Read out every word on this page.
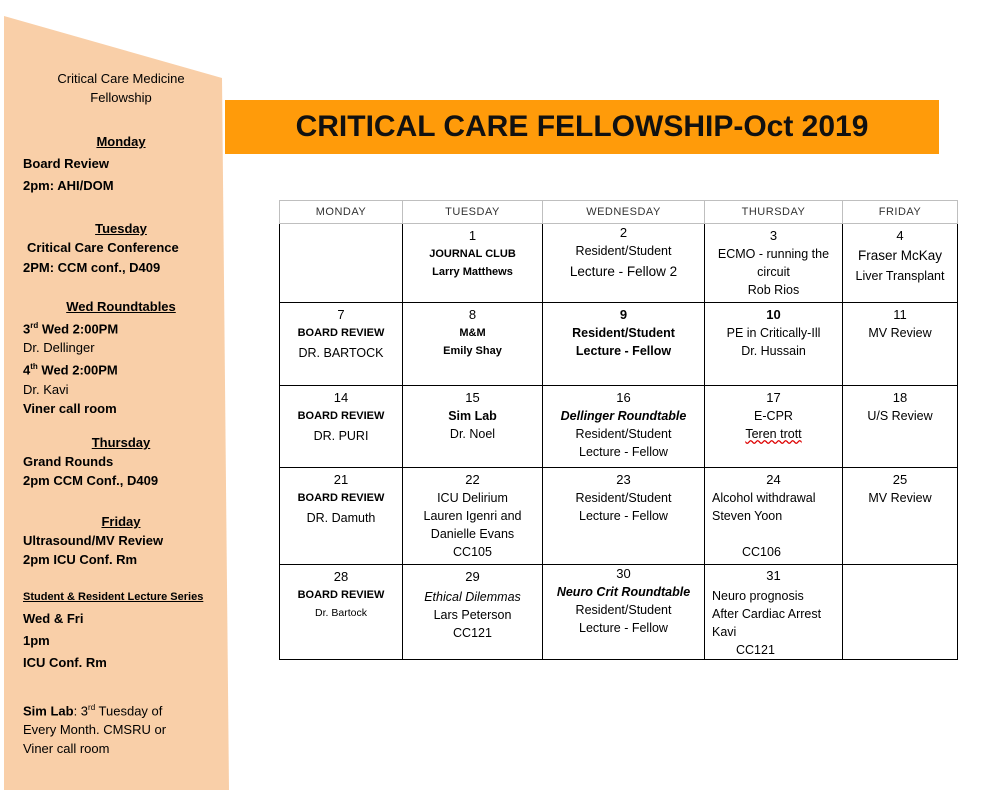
Critical Care Medicine
Fellowship
Monday
Board Review
2pm: AHI/DOM
Tuesday
Critical Care Conference
2PM: CCM conf., D409
Wed Roundtables
3rd Wed 2:00PM
Dr. Dellinger
4th Wed 2:00PM
Dr. Kavi
Viner call room
Thursday
Grand Rounds
2pm CCM Conf., D409
Friday
Ultrasound/MV Review
2pm ICU Conf. Rm
Student & Resident Lecture Series
Wed & Fri
1pm
ICU Conf. Rm
Sim Lab: 3rd Tuesday of
Every Month. CMSRU or
Viner call room
CRITICAL CARE FELLOWSHIP-Oct 2019
MONDAY	TUESDAY	WEDNESDAY	THURSDAY	FRIDAY

	1
JOURNAL CLUB
Larry Matthews	2
Resident/Student
Lecture - Fellow 2	3
ECMO - running the
circuit
Rob Rios	4
Fraser McKay
Liver Transplant

7
BOARD REVIEW
DR. BARTOCK	8
M&M
Emily Shay	9
Resident/Student
Lecture - Fellow	10
PE in Critically-Ill
Dr. Hussain	11
MV Review

14
BOARD REVIEW
DR. PURI	15
Sim Lab
Dr. Noel	16
Dellinger Roundtable
Resident/Student
Lecture - Fellow	17
E-CPR
Teren trott	18
U/S Review

21
BOARD REVIEW
DR. Damuth	22
ICU Delirium
Lauren Igenri and
Danielle Evans
CC105	23
Resident/Student
Lecture - Fellow	24
Alcohol withdrawal
Steven Yoon
CC106	25
MV Review

28
BOARD REVIEW
Dr. Bartock	29
Ethical Dilemmas
Lars Peterson
CC121	30
Neuro Crit Roundtable
Resident/Student
Lecture - Fellow	31
Neuro prognosis
After Cardiac Arrest
Kavi
CC121	
